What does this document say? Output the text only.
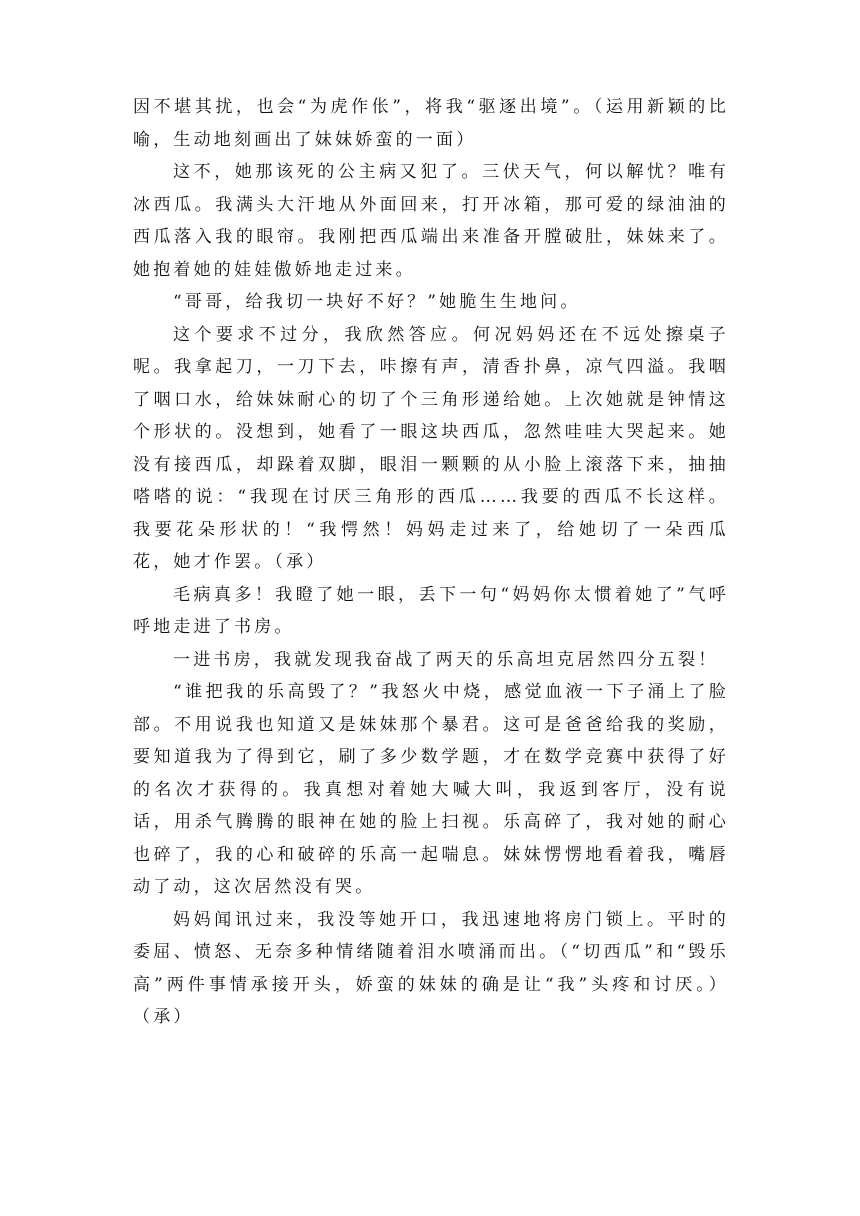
因不堪其扰，也会“为虎作伥”，将我“驱逐出境”。（运用新颖的比喻，生动地刻画出了妹妹娇蛮的一面）

这不，她那该死的公主病又犯了。三伏天气，何以解忧？唯有冰西瓜。我满头大汗地从外面回来，打开冰箱，那可爱的绿油油的西瓜落入我的眼帘。我刚把西瓜端出来准备开膛破肚，妹妹来了。她抱着她的娃娃傲娇地走过来。

“哥哥，给我切一块好不好？”她脆生生地问。

这个要求不过分，我欣然答应。何况妈妈还在不远处擦桌子呢。我拿起刀，一刀下去，咔擦有声，清香扑鼻，凉气四溢。我咽了咽口水，给妹妹耐心的切了个三角形递给她。上次她就是钟情这个形状的。没想到，她看了一眼这块西瓜，忽然哇哇大哭起来。她没有接西瓜，却跺着双脚，眼泪一颗颗的从小脸上滚落下来，抽抽嗒嗒的说：“我现在讨厌三角形的西瓜……我要的西瓜不长这样。我要花朵形状的！“我愕然！妈妈走过来了，给她切了一朵西瓜花，她才作罢。（承）

毛病真多！我瞪了她一眼，丢下一句“妈妈你太惯着她了”气呼呼地走进了书房。

一进书房，我就发现我奋战了两天的乐高坦克居然四分五裂！

“谁把我的乐高毁了？”我怒火中烧，感觉血液一下子涌上了脸部。不用说我也知道又是妹妹那个暴君。这可是爸爸给我的奖励，要知道我为了得到它，刷了多少数学题，才在数学竞赛中获得了好的名次才获得的。我真想对着她大喊大叫，我返到客厅，没有说话，用杀气腾腾的眼神在她的脸上扫视。乐高碎了，我对她的耐心也碎了，我的心和破碎的乐高一起喘息。妹妹愣愣地看着我，嘴唇动了动，这次居然没有哭。

妈妈闻讯过来，我没等她开口，我迅速地将房门锁上。平时的委屈、愤怒、无奈多种情绪随着泪水喷涌而出。（“切西瓜”和“毁乐高”两件事情承接开头，娇蛮的妹妹的确是让“我”头疼和讨厌。）（承）
